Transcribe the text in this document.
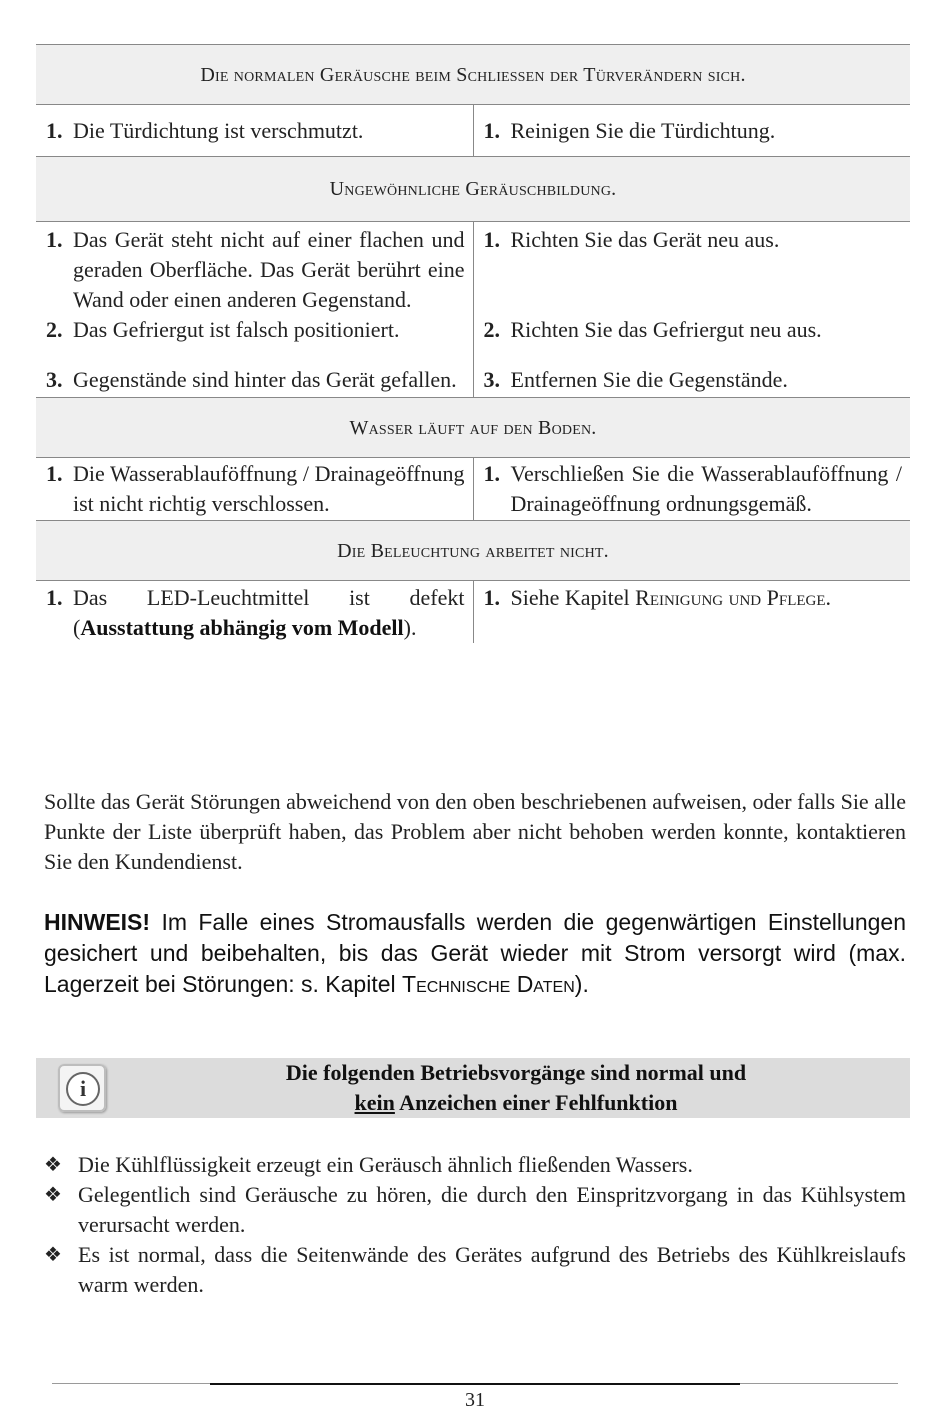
Die normalen Geräusche beim Schließen der Türverändern sich.	

1. Die Türdichtung ist verschmutzt.	1. Reinigen Sie die Türdichtung.

Ungewöhnliche Geräuschbildung.	

1. Das Gerät steht nicht auf einer flachen und geraden Oberfläche. Das Gerät berührt eine Wand oder einen anderen Gegenstand.	1. Richten Sie das Gerät neu aus.

2. Das Gefriergut ist falsch positioniert.	2. Richten Sie das Gefriergut neu aus.

3. Gegenstände sind hinter das Gerät gefallen.	3. Entfernen Sie die Gegenstände.

Wasser läuft auf den Boden.	

1. Die Wasserablauföffnung / Drainageöffnung ist nicht richtig verschlossen.	1. Verschließen Sie die Wasserablauföffnung / Drainageöffnung ordnungsgemäß.

Die Beleuchtung arbeitet nicht.	

1. Das LED-Leuchtmittel ist defekt (Ausstattung abhängig vom Modell).	1. Siehe Kapitel Reinigung und Pflege.
Sollte das Gerät Störungen abweichend von den oben beschriebenen aufweisen, oder falls Sie alle Punkte der Liste überprüft haben, das Problem aber nicht behoben werden konnte, kontaktieren Sie den Kundendienst.
HINWEIS! Im Falle eines Stromausfalls werden die gegenwärtigen Einstellungen gesichert und beibehalten, bis das Gerät wieder mit Strom versorgt wird (max. Lagerzeit bei Störungen: s. Kapitel Technische Daten).
i
Die folgenden Betriebsvorgänge sind normal und
kein Anzeichen einer Fehlfunktion
❖ Die Kühlflüssigkeit erzeugt ein Geräusch ähnlich fließenden Wassers.
❖ Gelegentlich sind Geräusche zu hören, die durch den Einspritzvorgang in das Kühlsystem verursacht werden.
❖ Es ist normal, dass die Seitenwände des Gerätes aufgrund des Betriebs des Kühlkreislaufs warm werden.
31
